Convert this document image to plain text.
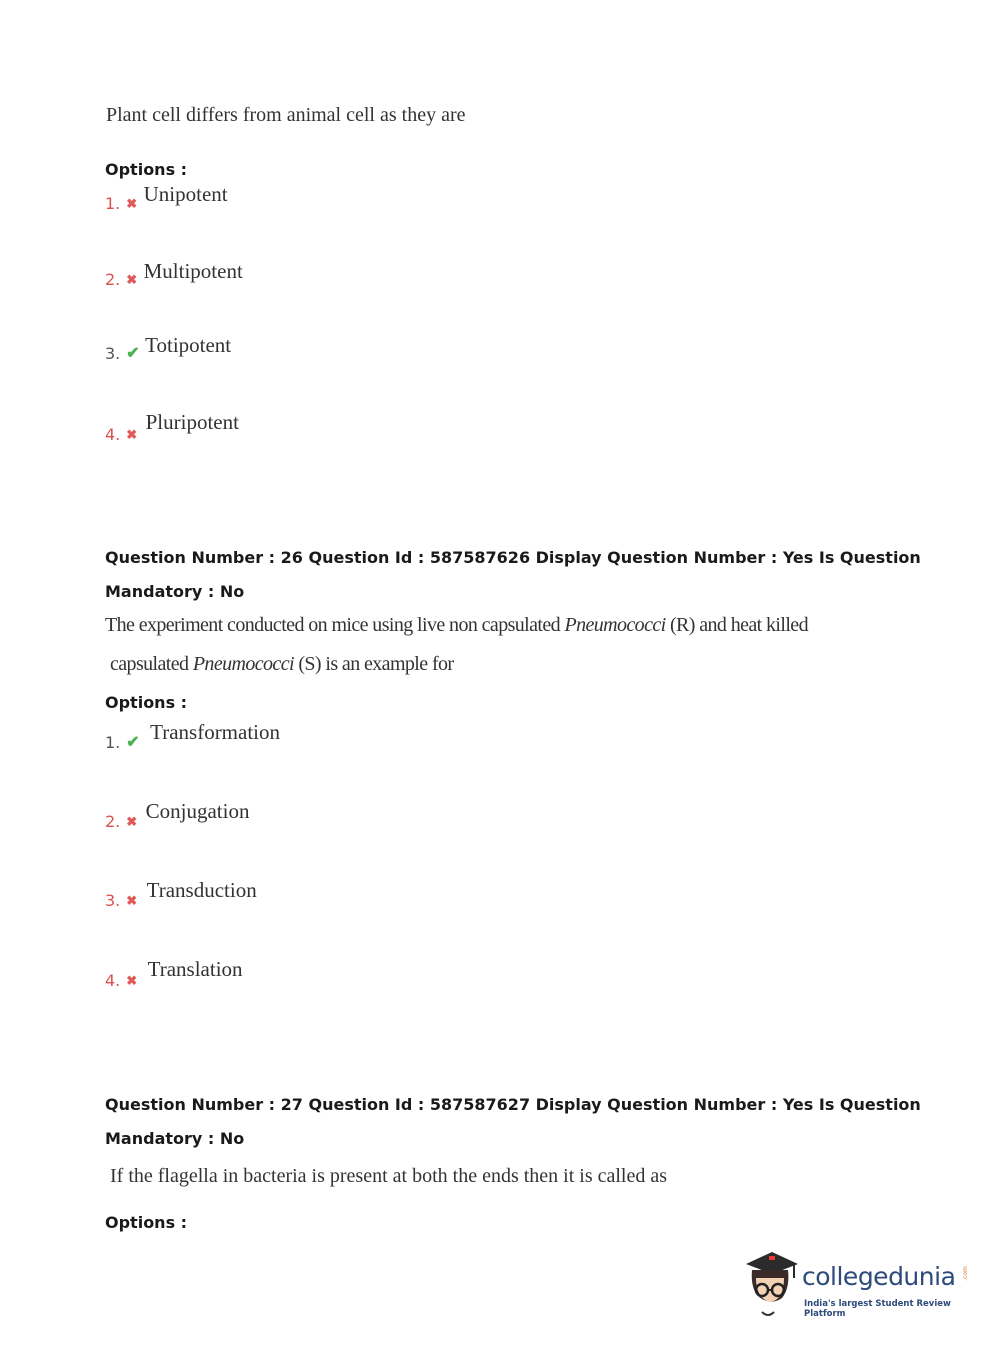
Plant cell differs from animal cell as they are
Options :
1. ✖ Unipotent
2. ✖ Multipotent
3. ✔ Totipotent
4. ✖ Pluripotent
Question Number : 26 Question Id : 587587626 Display Question Number : Yes Is Question
Mandatory : No
The experiment conducted on mice using live non capsulated Pneumococci (R) and heat killed
capsulated Pneumococci (S) is an example for
Options :
1. ✔ Transformation
2. ✖ Conjugation
3. ✖ Transduction
4. ✖ Translation
Question Number : 27 Question Id : 587587627 Display Question Number : Yes Is Question
Mandatory : No
If the flagella in bacteria is present at both the ends then it is called as
Options :
collegedunia .com
India's largest Student Review Platform
